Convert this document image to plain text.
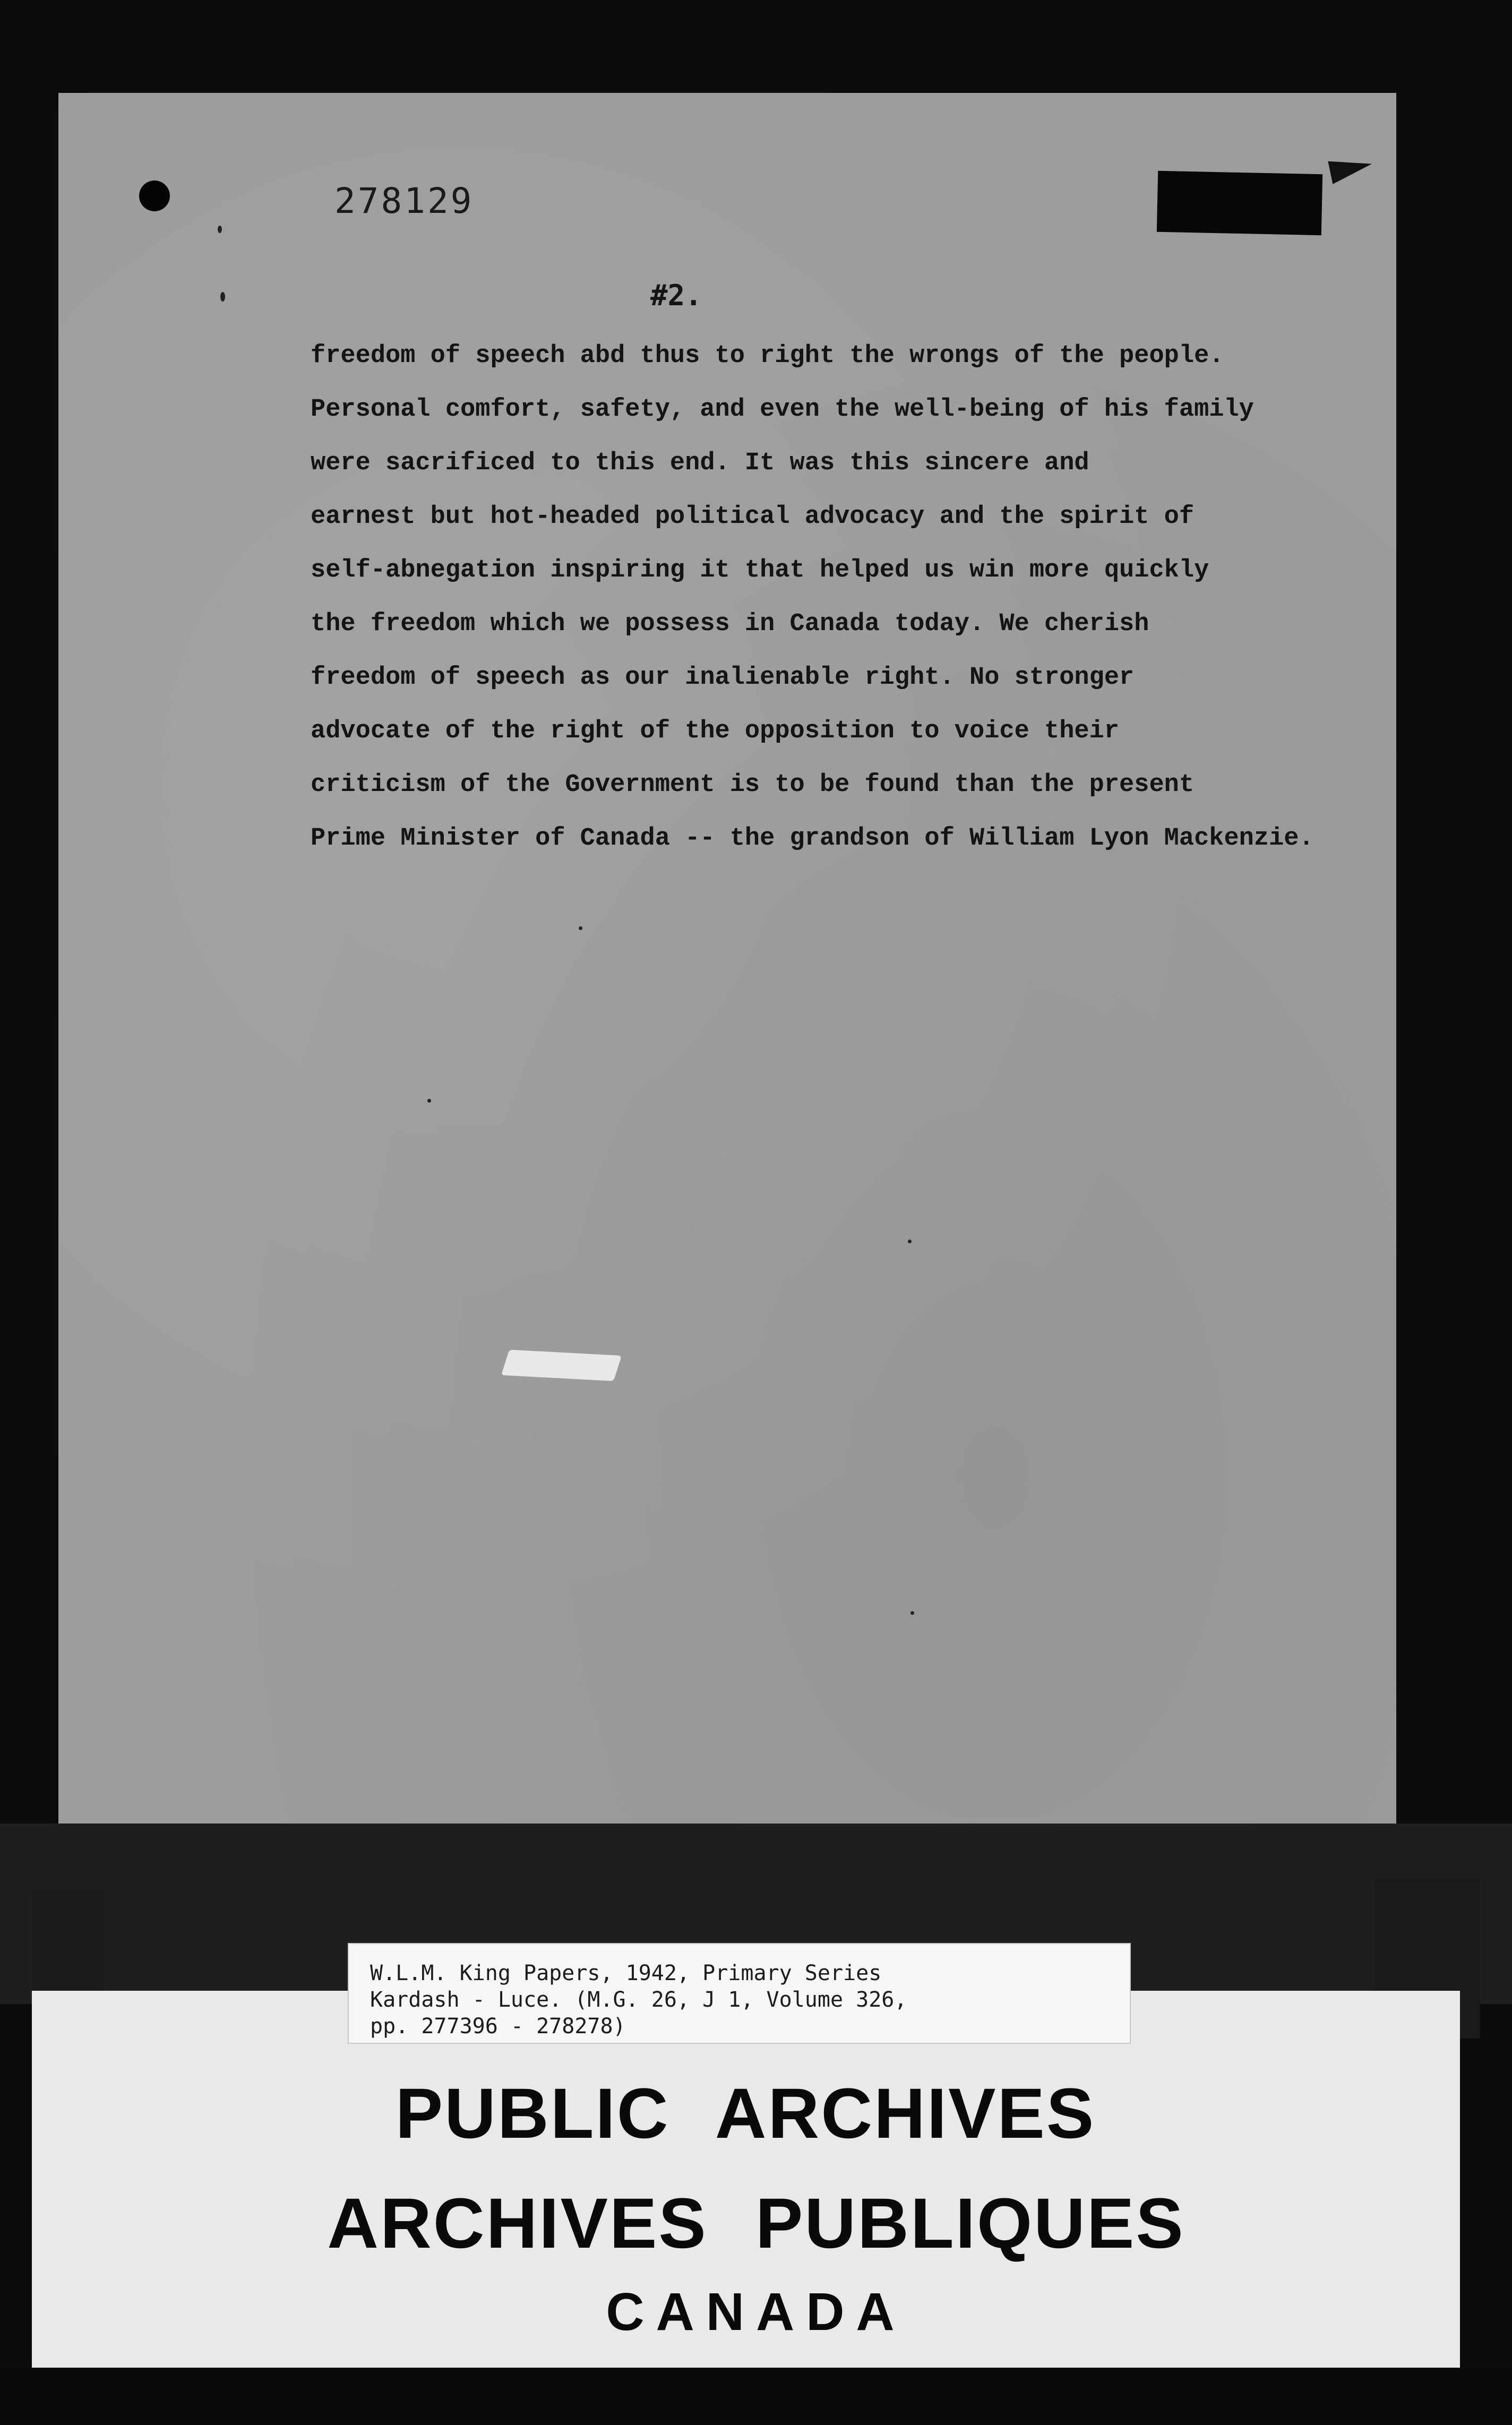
278129
#2.
freedom of speech abd thus to right the wrongs of the people.
Personal comfort, safety, and even the well-being of his family
were sacrificed to this end. It was this sincere and
earnest but hot-headed political advocacy and the spirit of
self-abnegation inspiring it that helped us win more quickly
the freedom which we possess in Canada today. We cherish
freedom of speech as our inalienable right. No stronger
advocate of the right of the opposition to voice their
criticism of the Government is to be found than the present
Prime Minister of Canada -- the grandson of William Lyon Mackenzie.
W.L.M. King Papers, 1942, Primary Series
Kardash - Luce. (M.G. 26, J 1, Volume 326,
pp. 277396 - 278278)
PUBLIC ARCHIVES
ARCHIVES PUBLIQUES
CANADA
